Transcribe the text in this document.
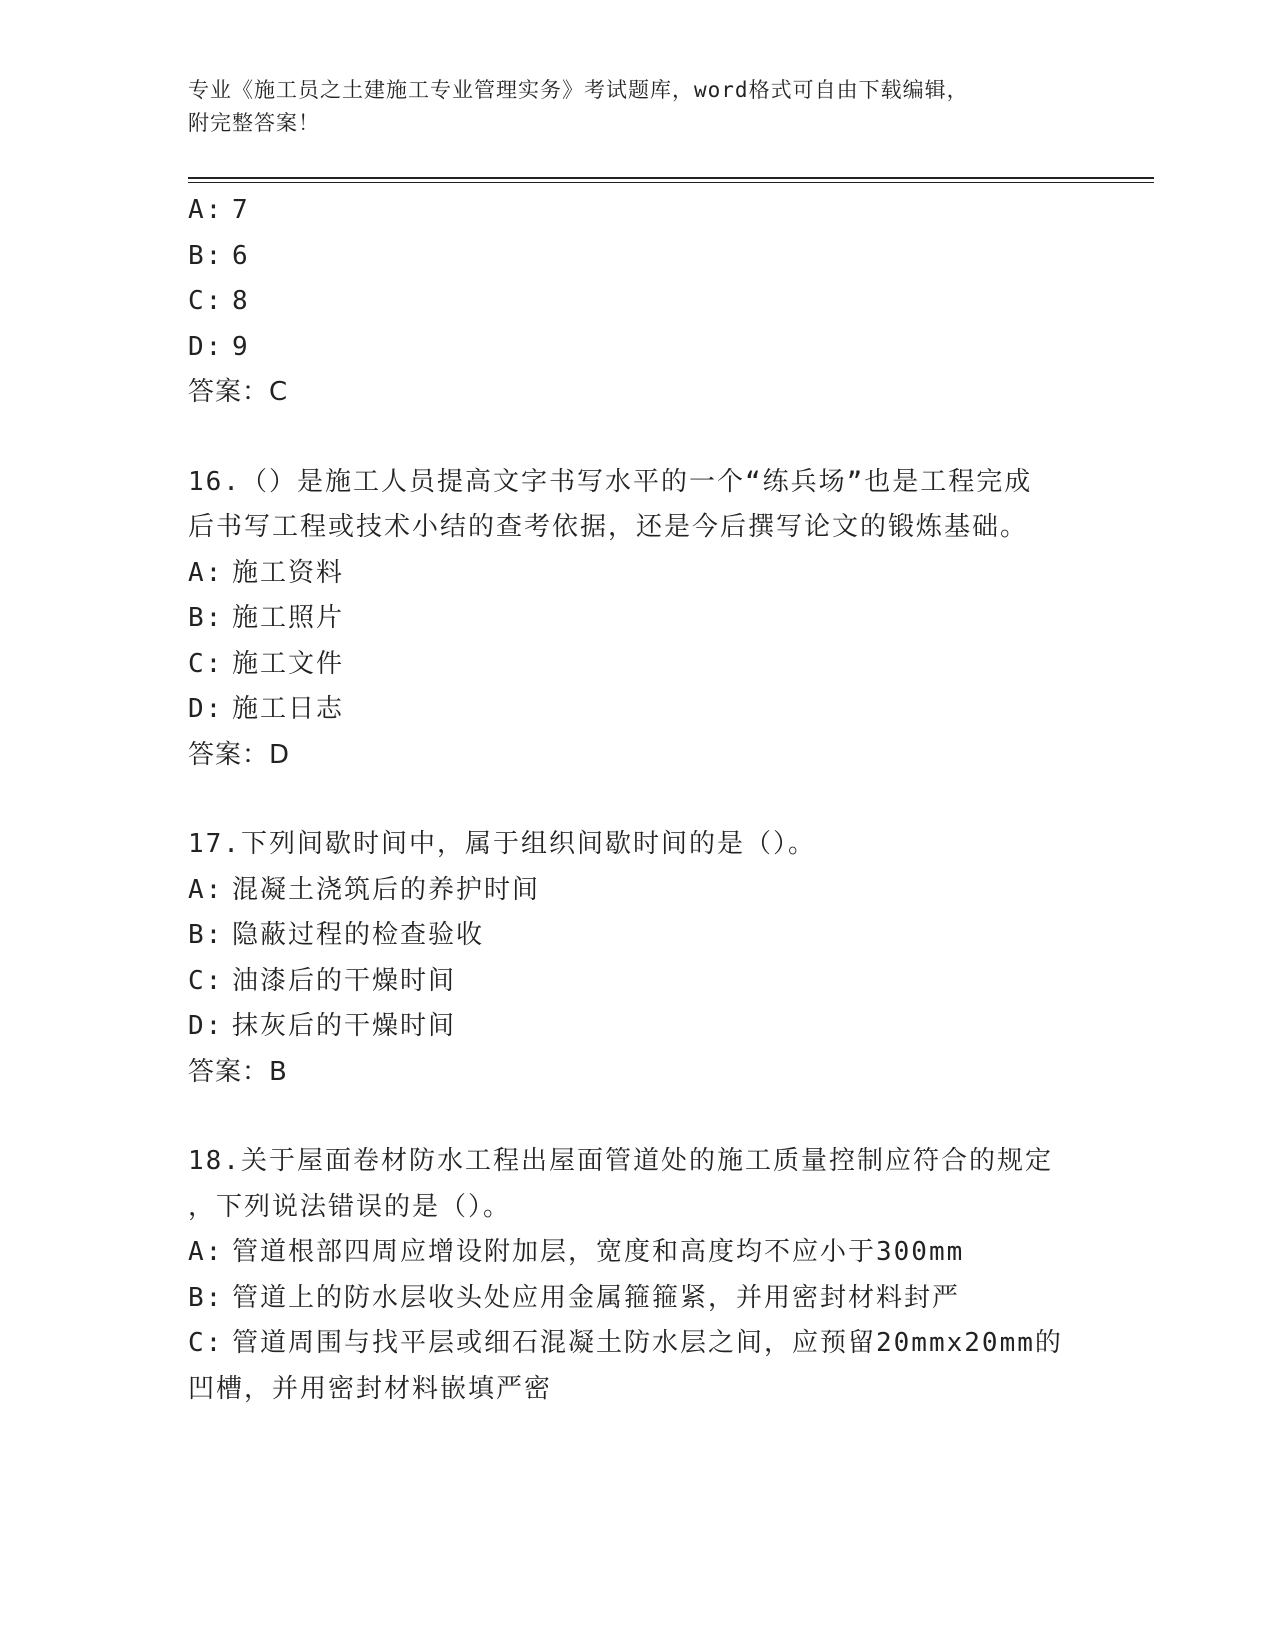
专业《施工员之土建施工专业管理实务》考试题库，word格式可自由下载编辑，
附完整答案！
A: 7
B: 6
C: 8
D: 9
答案：C
16.（）是施工人员提高文字书写水平的一个“练兵场”也是工程完成
后书写工程或技术小结的查考依据，还是今后撰写论文的锻炼基础。
A: 施工资料
B: 施工照片
C: 施工文件
D: 施工日志
答案：D
17.下列间歇时间中，属于组织间歇时间的是（）。
A: 混凝土浇筑后的养护时间
B: 隐蔽过程的检查验收
C: 油漆后的干燥时间
D: 抹灰后的干燥时间
答案：B
18.关于屋面卷材防水工程出屋面管道处的施工质量控制应符合的规定
，下列说法错误的是（）。
A: 管道根部四周应增设附加层，宽度和高度均不应小于300mm
B: 管道上的防水层收头处应用金属箍箍紧，并用密封材料封严
C: 管道周围与找平层或细石混凝土防水层之间，应预留20mmx20mm的
凹槽，并用密封材料嵌填严密
